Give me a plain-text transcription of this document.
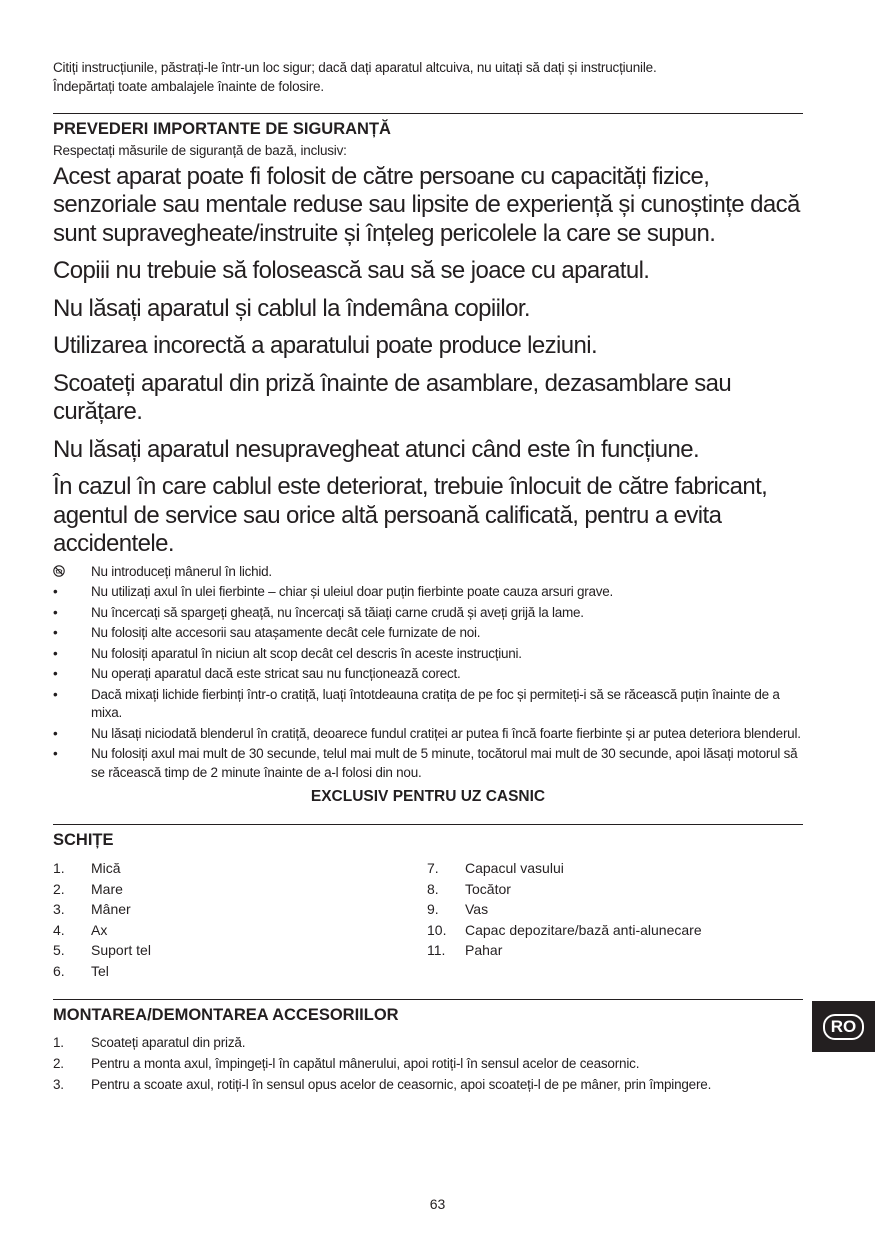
Citiți instrucțiunile, păstrați-le într-un loc sigur; dacă dați aparatul altcuiva, nu uitați să dați și instrucțiunile.

Îndepărtați toate ambalajele înainte de folosire.

PREVEDERI IMPORTANTE DE SIGURANȚĂ
Respectați măsurile de siguranță de bază, inclusiv:
Acest aparat poate fi folosit de către persoane cu capacități fizice, senzoriale sau mentale reduse sau lipsite de experiență și cunoștințe dacă sunt supravegheate/instruite și înțeleg pericolele la care se supun.
Copiii nu trebuie să folosească sau să se joace cu aparatul.
Nu lăsați aparatul și cablul la îndemâna copiilor.
Utilizarea incorectă a aparatului poate produce leziuni.
Scoateți aparatul din priză înainte de asamblare, dezasamblare sau curățare.
Nu lăsați aparatul nesupravegheat atunci când este în funcțiune.
În cazul în care cablul este deteriorat, trebuie înlocuit de către fabricant, agentul de service sau orice altă persoană calificată, pentru a evita accidentele.
Nu introduceți mânerul în lichid.
• Nu utilizați axul în ulei fierbinte – chiar și uleiul doar puțin fierbinte poate cauza arsuri grave.
• Nu încercați să spargeți gheață, nu încercați să tăiați carne crudă și aveți grijă la lame.
• Nu folosiți alte accesorii sau atașamente decât cele furnizate de noi.
• Nu folosiți aparatul în niciun alt scop decât cel descris în aceste instrucțiuni.
• Nu operați aparatul dacă este stricat sau nu funcționează corect.
• Dacă mixați lichide fierbinți într-o cratiță, luați întotdeauna cratița de pe foc și permiteți-i să se răcească puțin înainte de a mixa.
• Nu lăsați niciodată blenderul în cratiță, deoarece fundul cratiței ar putea fi încă foarte fierbinte și ar putea deteriora blenderul.
• Nu folosiți axul mai mult de 30 secunde, telul mai mult de 5 minute, tocătorul mai mult de 30 secunde, apoi lăsați motorul să se răcească timp de 2 minute înainte de a-l folosi din nou.
EXCLUSIV PENTRU UZ CASNIC
SCHIȚE
1. Mică
2. Mare
3. Mâner
4. Ax
5. Suport tel
6. Tel
7. Capacul vasului
8. Tocător
9. Vas
10. Capac depozitare/bază anti-alunecare
11. Pahar
MONTAREA/DEMONTAREA ACCESORIILOR
1. Scoateți aparatul din priză.
2. Pentru a monta axul, împingeți-l în capătul mânerului, apoi rotiți-l în sensul acelor de ceasornic.
3. Pentru a scoate axul, rotiți-l în sensul opus acelor de ceasornic, apoi scoateți-l de pe mâner, prin împingere.
RO
63
